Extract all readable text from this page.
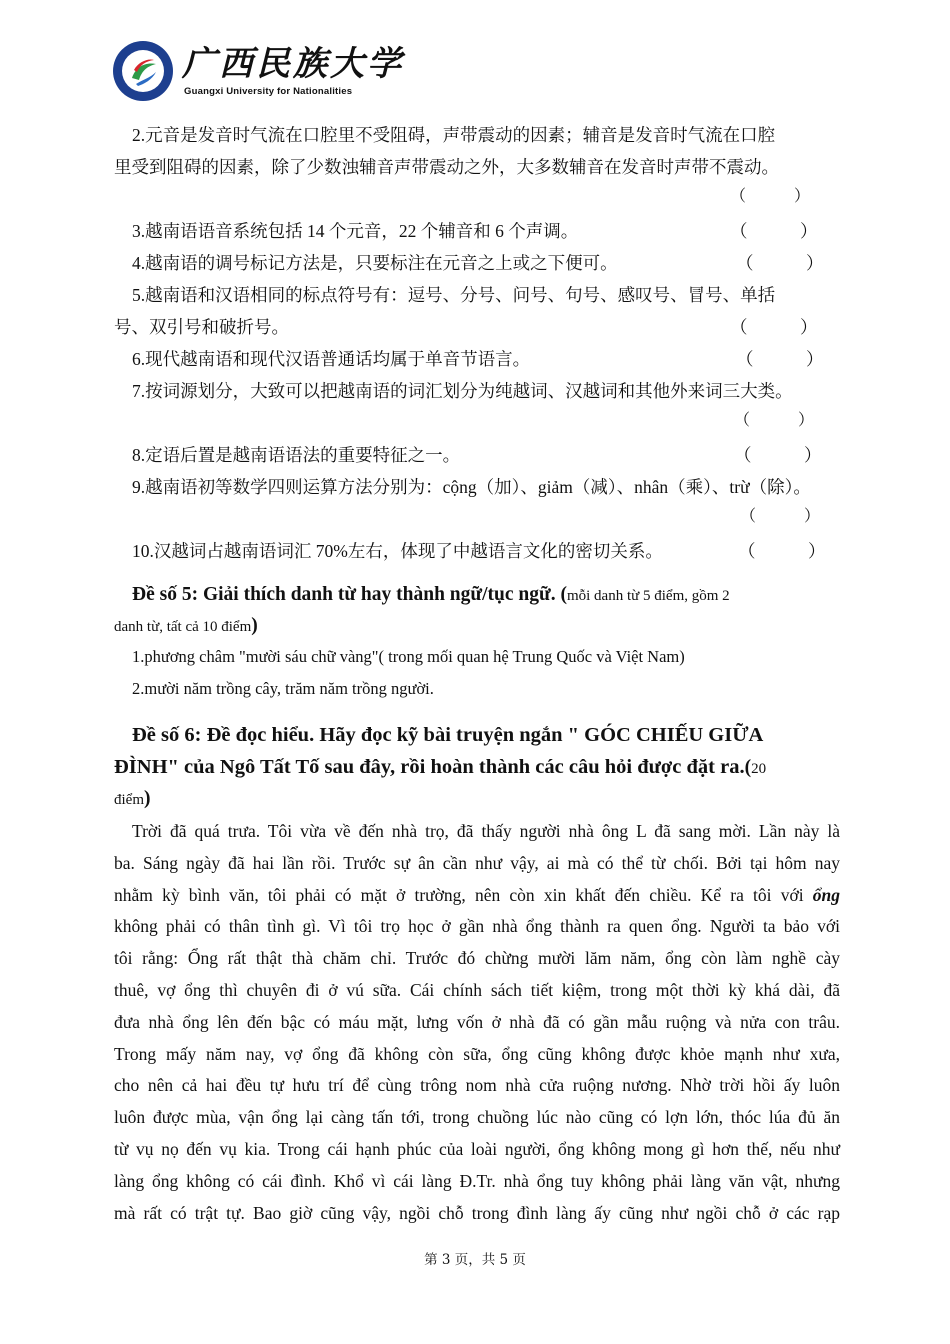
广西民族大学
Guangxi University for Nationalities
2.元音是发音时气流在口腔里不受阻碍，声带震动的因素；辅音是发音时气流在口腔
里受到阻碍的因素，除了少数浊辅音声带震动之外，大多数辅音在发音时声带不震动。
（　　　）
3.越南语语音系统包括 14 个元音，22 个辅音和 6 个声调。	（　　　）
4.越南语的调号标记方法是，只要标注在元音之上或之下便可。	（　　　）
5.越南语和汉语相同的标点符号有：逗号、分号、问号、句号、感叹号、冒号、单括
号、双引号和破折号。	（　　　）
6.现代越南语和现代汉语普通话均属于单音节语言。	（　　　）
7.按词源划分，大致可以把越南语的词汇划分为纯越词、汉越词和其他外来词三大类。
（　　　）
8.定语后置是越南语语法的重要特征之一。	（　　　）
9.越南语初等数学四则运算方法分别为：cộng（加）、giảm（减）、nhân（乘）、trừ（除）。
（　　　）
10.汉越词占越南语词汇 70%左右，体现了中越语言文化的密切关系。	（　　　）
Đề số 5: Giải thích danh từ hay thành ngữ/tục ngữ. (mỗi danh từ 5 điểm, gồm 2
danh từ, tất cả 10 điểm)
1.phương châm "mười sáu chữ vàng"( trong mối quan hệ Trung Quốc và Việt Nam)
2.mười năm trồng cây, trăm năm trồng người.
Đề số 6: Đề đọc hiểu. Hãy đọc kỹ bài truyện ngắn " GÓC CHIẾU GIỮA
ĐÌNH" của Ngô Tất Tố sau đây, rồi hoàn thành các câu hỏi được đặt ra.(20
điểm)
Trời đã quá trưa. Tôi vừa về đến nhà trọ, đã thấy người nhà ông L đã sang mời. Lần này là
ba. Sáng ngày đã hai lần rồi. Trước sự ân cần như vậy, ai mà có thể từ chối. Bởi tại hôm nay
nhằm kỳ bình văn, tôi phải có mặt ở trường, nên còn xin khất đến chiều. Kể ra tôi với ổng
không phải có thân tình gì. Vì tôi trọ học ở gần nhà ổng thành ra quen ổng. Người ta bảo với
tôi rằng: Ổng rất thật thà chăm chỉ. Trước đó chừng mười lăm năm, ổng còn làm nghề cày
thuê, vợ ổng thì chuyên đi ở vú sữa. Cái chính sách tiết kiệm, trong một thời kỳ khá dài, đã
đưa nhà ổng lên đến bậc có máu mặt, lưng vốn ở nhà đã có gần mẫu ruộng và nửa con trâu.
Trong mấy năm nay, vợ ổng đã không còn sữa, ổng cũng không được khỏe mạnh như xưa,
cho nên cả hai đều tự hưu trí để cùng trông nom nhà cửa ruộng nương. Nhờ trời hồi ấy luôn
luôn được mùa, vận ổng lại càng tấn tới, trong chuồng lúc nào cũng có lợn lớn, thóc lúa đủ ăn
từ vụ nọ đến vụ kia. Trong cái hạnh phúc của loài người, ổng không mong gì hơn thế, nếu như
làng ổng không có cái đình. Khổ vì cái làng Đ.Tr. nhà ổng tuy không phải làng văn vật, nhưng
mà rất có trật tự. Bao giờ cũng vậy, ngồi chỗ trong đình làng ấy cũng như ngồi chỗ ở các rạp
第 3 页，共 5 页
